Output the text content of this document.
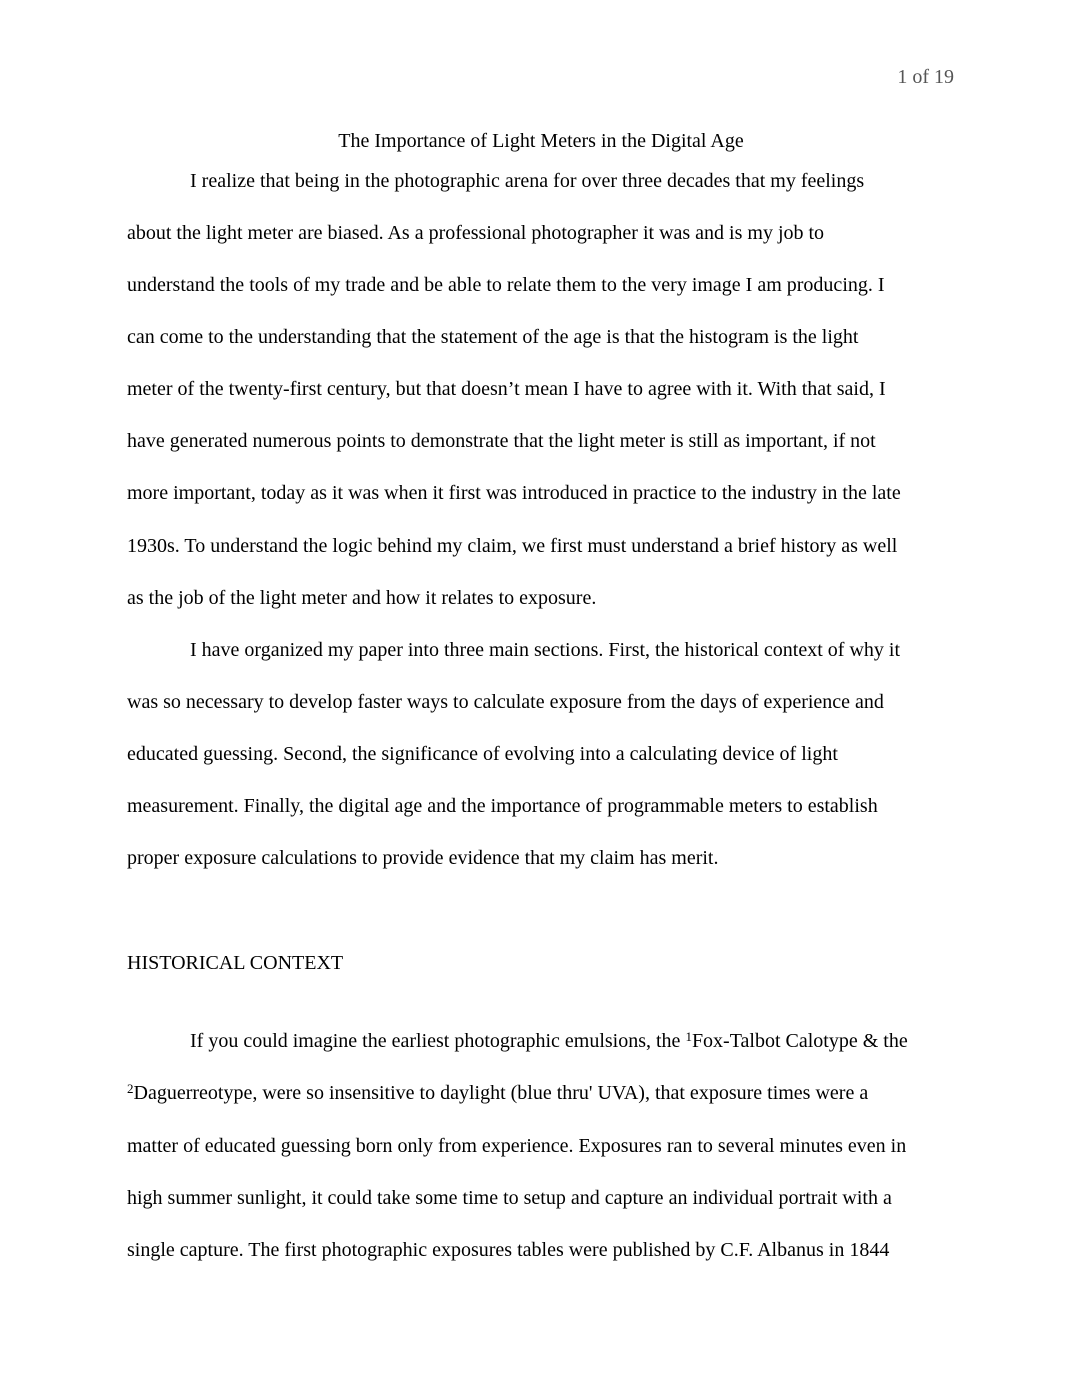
1 of 19
The Importance of Light Meters in the Digital Age
I realize that being in the photographic arena for over three decades that my feelings
about the light meter are biased. As a professional photographer it was and is my job to
understand the tools of my trade and be able to relate them to the very image I am producing. I
can come to the understanding that the statement of the age is that the histogram is the light
meter of the twenty-first century, but that doesn’t mean I have to agree with it. With that said, I
have generated numerous points to demonstrate that the light meter is still as important, if not
more important, today as it was when it first was introduced in practice to the industry in the late
1930s. To understand the logic behind my claim, we first must understand a brief history as well
as the job of the light meter and how it relates to exposure.
I have organized my paper into three main sections. First, the historical context of why it
was so necessary to develop faster ways to calculate exposure from the days of experience and
educated guessing. Second, the significance of evolving into a calculating device of light
measurement. Finally, the digital age and the importance of programmable meters to establish
proper exposure calculations to provide evidence that my claim has merit.
HISTORICAL CONTEXT
If you could imagine the earliest photographic emulsions, the $^1$Fox-Talbot Calotype & the
$^2$Daguerreotype, were so insensitive to daylight (blue thru' UVA), that exposure times were a
matter of educated guessing born only from experience. Exposures ran to several minutes even in
high summer sunlight, it could take some time to setup and capture an individual portrait with a
single capture. The first photographic exposures tables were published by C.F. Albanus in 1844
